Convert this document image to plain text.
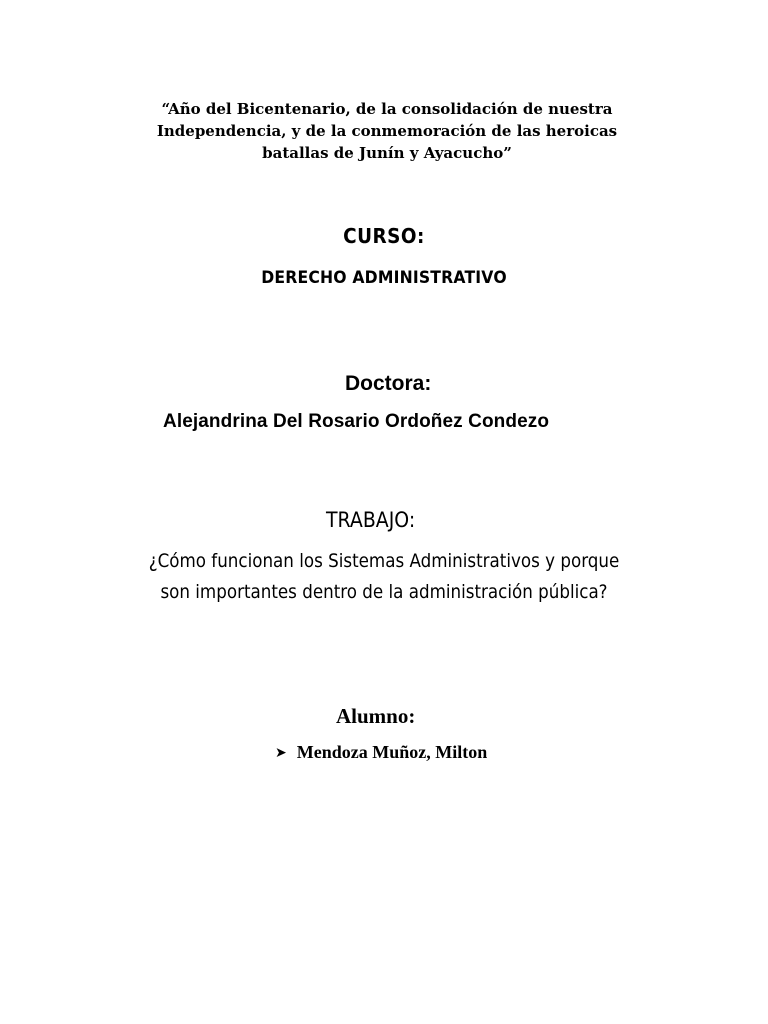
“Año del Bicentenario, de la consolidación de nuestra
Independencia, y de la conmemoración de las heroicas
batallas de Junín y Ayacucho”
CURSO:
DERECHO ADMINISTRATIVO
Doctora:
Alejandrina Del Rosario Ordoñez Condezo
TRABAJO:
¿Cómo funcionan los Sistemas Administrativos y porque
son importantes dentro de la administración pública?
Alumno:
➤ Mendoza Muñoz, Milton
